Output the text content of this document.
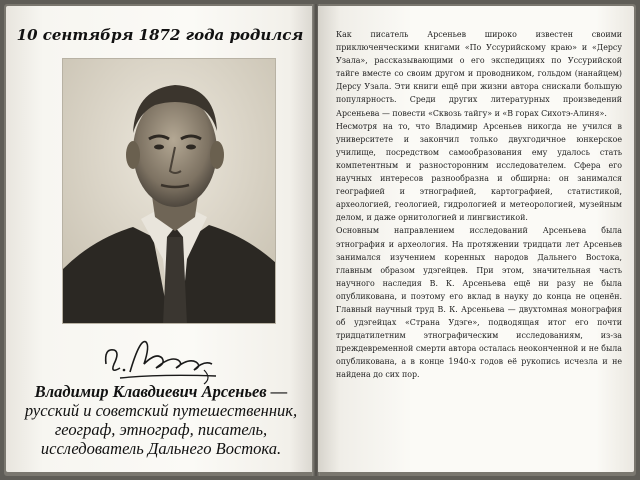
10 сентября 1872 года родился
Владимир Клавдиевич Арсеньев —
русский и советский путешественник, географ, этнограф, писатель, исследователь Дальнего Востока.

Как писатель Арсеньев широко известен своими приключенческими книгами «По Уссурийскому краю» и «Дерсу Узала», рассказывающими о его экспедициях по Уссурийской тайге вместе со своим другом и проводником, гольдом (нанайцем) Дерсу Узала. Эти книги ещё при жизни автора снискали большую популярность. Среди других литературных произведений Арсеньева — повести «Сквозь тайгу» и «В горах Сихотэ-Алиня».

Несмотря на то, что Владимир Арсеньев никогда не учился в университете и закончил только двухгодичное юнкерское училище, посредством самообразования ему удалось стать компетентным и разносторонним исследователем. Сфера его научных интересов разнообразна и обширна: он занимался географией и этнографией, картографией, статистикой, археологией, геологией, гидрологией и метеорологией, музейным делом, и даже орнитологией и лингвистикой.

Основным направлением исследований Арсеньева была этнография и археология. На протяжении тридцати лет Арсеньев занимался изучением коренных народов Дальнего Востока, главным образом удэгейцев. При этом, значительная часть научного наследия В. К. Арсеньева ещё ни разу не была опубликована, и поэтому его вклад в науку до конца не оценён. Главный научный труд В. К. Арсеньева — двухтомная монография об удэгейцах «Страна Удэге», подводящая итог его почти тридцатилетним этнографическим исследованиям, из-за преждевременной смерти автора осталась неоконченной и не была опубликована, а в конце 1940-х годов её рукопись исчезла и не найдена до сих пор.
